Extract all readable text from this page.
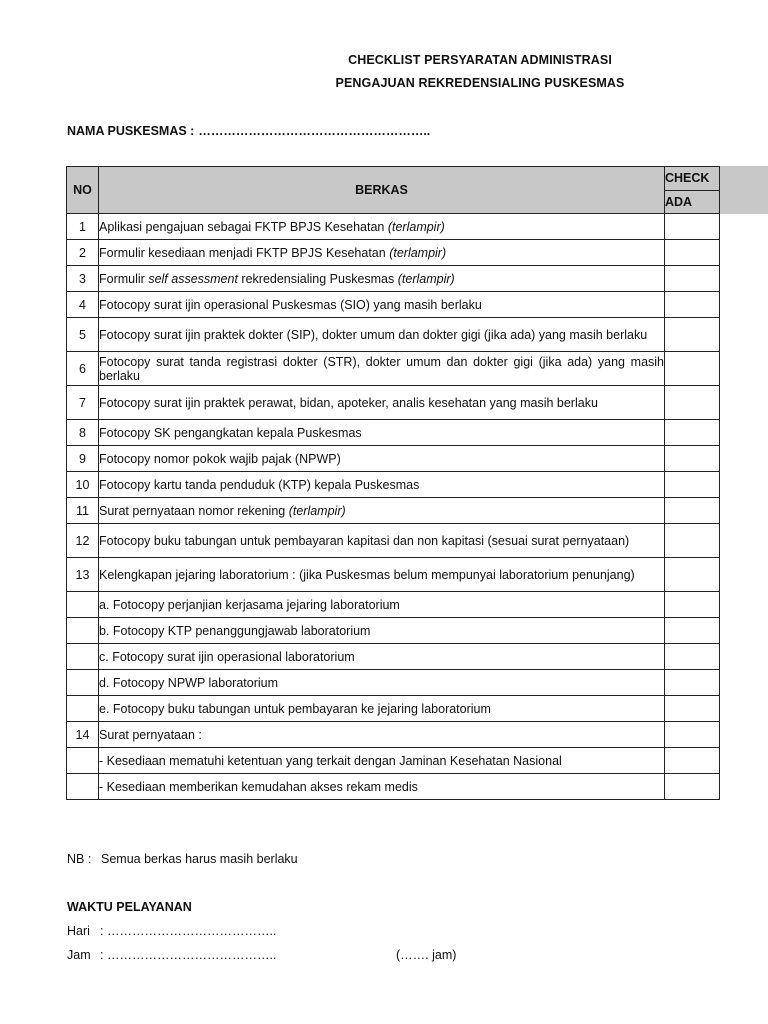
CHECKLIST PERSYARATAN ADMINISTRASI
PENGAJUAN REKREDENSIALING PUSKESMAS
NAMA PUSKESMAS : ………………………………………………..
NO	BERKAS	CHECK
		ADA
1	Aplikasi pengajuan sebagai FKTP BPJS Kesehatan (terlampir)	
2	Formulir kesediaan menjadi FKTP BPJS Kesehatan (terlampir)	
3	Formulir self assessment rekredensialing Puskesmas (terlampir)	
4	Fotocopy surat ijin operasional Puskesmas (SIO) yang masih berlaku	
5	Fotocopy surat ijin praktek dokter (SIP), dokter umum dan dokter gigi (jika ada) yang masih berlaku	
6	Fotocopy surat tanda registrasi dokter (STR), dokter umum dan dokter gigi (jika ada) yang masih berlaku	
7	Fotocopy surat ijin praktek perawat, bidan, apoteker, analis kesehatan yang masih berlaku	
8	Fotocopy SK pengangkatan kepala Puskesmas	
9	Fotocopy nomor pokok wajib pajak (NPWP)	
10	Fotocopy kartu tanda penduduk (KTP) kepala Puskesmas	
11	Surat pernyataan nomor rekening (terlampir)	
12	Fotocopy buku tabungan untuk pembayaran kapitasi dan non kapitasi (sesuai surat pernyataan)	
13	Kelengkapan jejaring laboratorium : (jika Puskesmas belum mempunyai laboratorium penunjang)	
	a. Fotocopy perjanjian kerjasama jejaring laboratorium	
	b. Fotocopy KTP penanggungjawab laboratorium	
	c. Fotocopy surat ijin operasional laboratorium	
	d. Fotocopy NPWP laboratorium	
	e. Fotocopy buku tabungan untuk pembayaran ke jejaring laboratorium	
14	Surat pernyataan :	
	- Kesediaan mematuhi ketentuan yang terkait dengan Jaminan Kesehatan Nasional	
	- Kesediaan memberikan kemudahan akses rekam medis	
NB : Semua berkas harus masih berlaku
WAKTU PELAYANAN
Hari : …………………………………..
Jam : …………………………………..	(……. jam)
